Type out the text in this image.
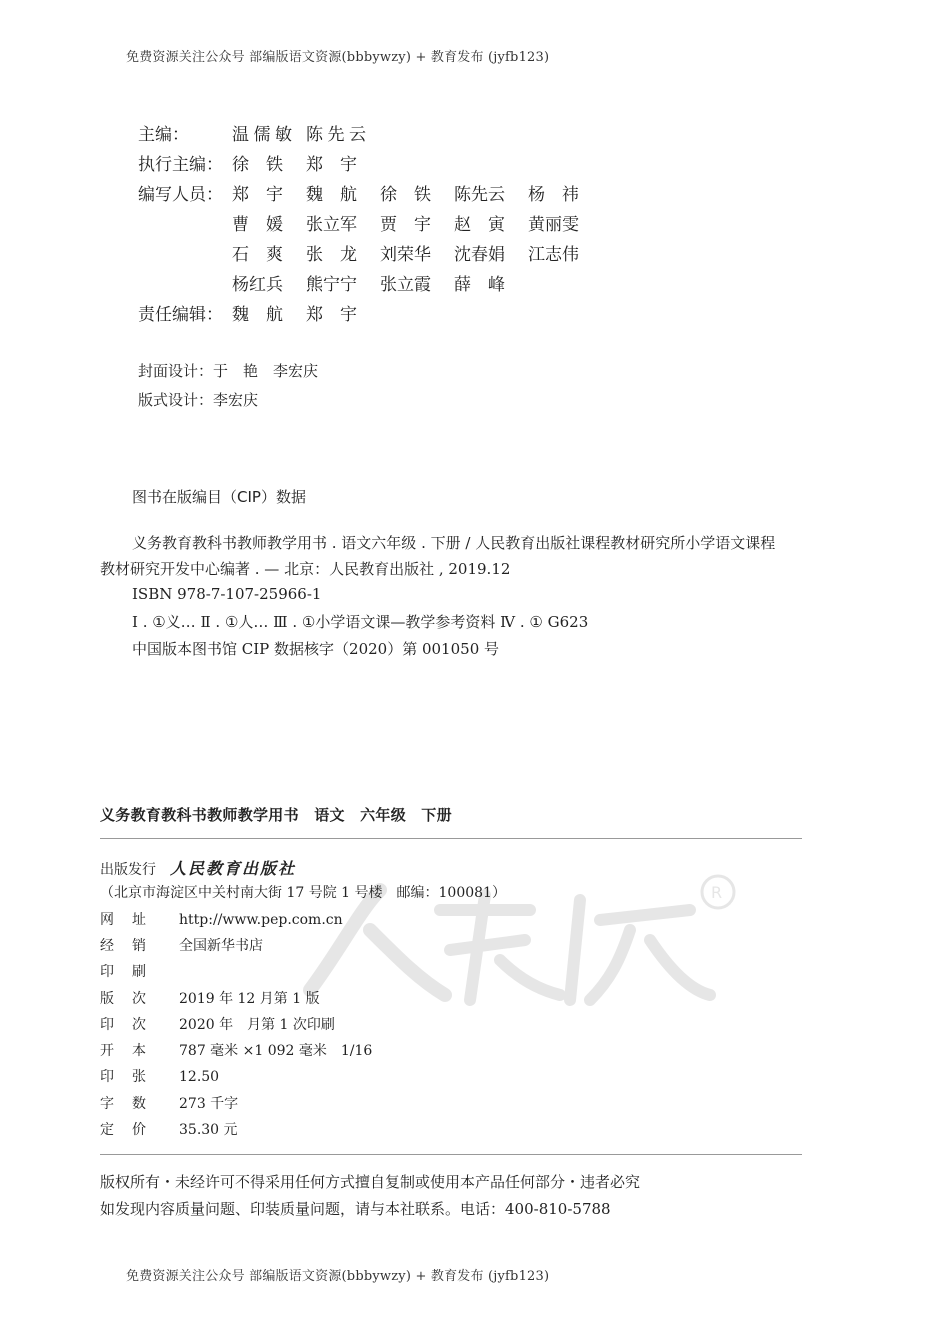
免费资源关注公众号 部编版语文资源(bbbywzy) + 教育发布 (jyfb123)
主编：	温儒敏 陈先云
执行主编： 徐　铁	郑　宇
编写人员： 郑　宇	魏　航	徐　铁	陈先云	杨　祎
曹　媛	张立军	贾　宇	赵　寅	黄丽雯
石　爽	张　龙	刘荣华	沈春娟	江志伟
杨红兵	熊宁宁	张立霞	薛　峰
责任编辑： 魏　航	郑　宇
封面设计：于　艳　李宏庆
版式设计：李宏庆
图书在版编目（CIP）数据
义务教育教科书教师教学用书 . 语文六年级 . 下册 / 人民教育出版社课程教材研究所小学语文课程
教材研究开发中心编著 . — 北京：人民教育出版社 , 2019.12
ISBN 978-7-107-25966-1
Ⅰ . ①义… Ⅱ . ①人… Ⅲ . ①小学语文课—教学参考资料 Ⅳ . ① G623
中国版本图书馆 CIP 数据核字（2020）第 001050 号
义务教育教科书教师教学用书　语文　六年级　下册
R
出版发行 人民教育出版社
（北京市海淀区中关村南大街 17 号院 1 号楼　邮编：100081）
网 址 http://www.pep.com.cn
经 销 全国新华书店
印 刷
版 次 2019 年 12 月第 1 版
印 次 2020 年　月第 1 次印刷
开 本 787 毫米 ×1 092 毫米　1/16
印 张 12.50
字 数 273 千字
定 价 35.30 元
版权所有・未经许可不得采用任何方式擅自复制或使用本产品任何部分・违者必究
如发现内容质量问题、印装质量问题，请与本社联系。电话：400-810-5788
免费资源关注公众号 部编版语文资源(bbbywzy) + 教育发布 (jyfb123)
